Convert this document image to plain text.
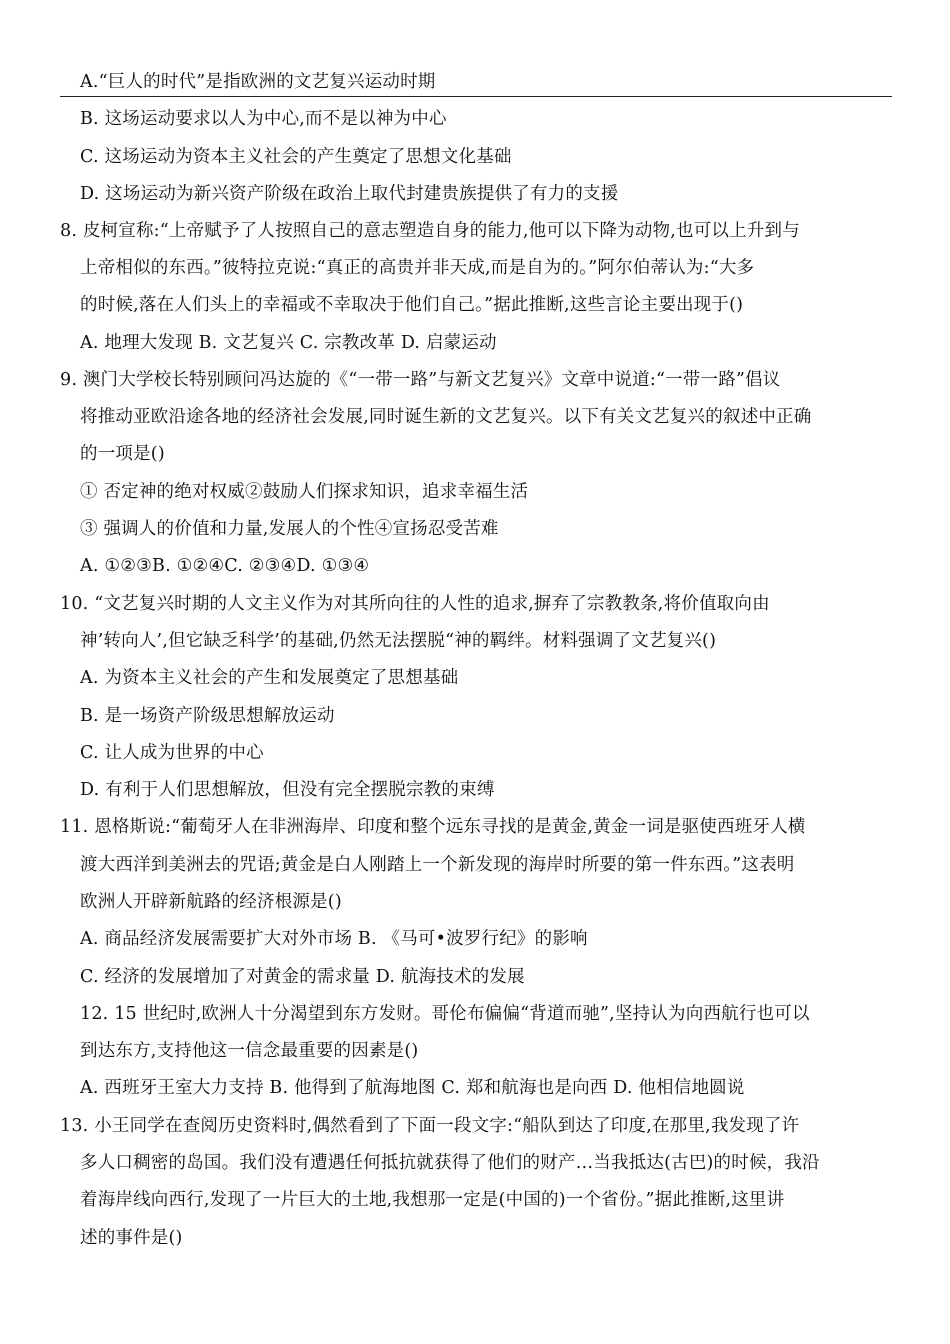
A.“巨人的时代”是指欧洲的文艺复兴运动时期
B. 这场运动要求以人为中心,而不是以神为中心
C. 这场运动为资本主义社会的产生奠定了思想文化基础
D. 这场运动为新兴资产阶级在政治上取代封建贵族提供了有力的支援
8. 皮柯宣称:“上帝赋予了人按照自己的意志塑造自身的能力,他可以下降为动物,也可以上升到与
上帝相似的东西。”彼特拉克说:“真正的高贵并非天成,而是自为的。”阿尔伯蒂认为:“大多
的时候,落在人们头上的幸福或不幸取决于他们自己。”据此推断,这些言论主要出现于()
A. 地理大发现 B. 文艺复兴 C. 宗教改革 D. 启蒙运动
9. 澳门大学校长特别顾问冯达旋的《“一带一路”与新文艺复兴》文章中说道:“一带一路”倡议
将推动亚欧沿途各地的经济社会发展,同时诞生新的文艺复兴。以下有关文艺复兴的叙述中正确
的一项是()
① 否定神的绝对权威②鼓励人们探求知识，追求幸福生活
③ 强调人的价值和力量,发展人的个性④宣扬忍受苦难
A. ①②③B. ①②④C. ②③④D. ①③④
10. “文艺复兴时期的人文主义作为对其所向往的人性的追求,摒弃了宗教教条,将价值取向由
神’转向人’,但它缺乏科学’的基础,仍然无法摆脱“神的羁绊。材料强调了文艺复兴()
A. 为资本主义社会的产生和发展奠定了思想基础
B. 是一场资产阶级思想解放运动
C. 让人成为世界的中心
D. 有利于人们思想解放，但没有完全摆脱宗教的束缚
11. 恩格斯说:“葡萄牙人在非洲海岸、印度和整个远东寻找的是黄金,黄金一词是驱使西班牙人横
渡大西洋到美洲去的咒语;黄金是白人刚踏上一个新发现的海岸时所要的第一件东西。”这表明
欧洲人开辟新航路的经济根源是()
A. 商品经济发展需要扩大对外市场 B. 《马可•波罗行纪》的影响
C. 经济的发展增加了对黄金的需求量 D. 航海技术的发展
12. 15 世纪时,欧洲人十分渴望到东方发财。哥伦布偏偏“背道而驰”,坚持认为向西航行也可以
到达东方,支持他这一信念最重要的因素是()
A. 西班牙王室大力支持 B. 他得到了航海地图 C. 郑和航海也是向西 D. 他相信地圆说
13. 小王同学在查阅历史资料时,偶然看到了下面一段文字:“船队到达了印度,在那里,我发现了许
多人口稠密的岛国。我们没有遭遇任何抵抗就获得了他们的财产…当我抵达(古巴)的时候，我沿
着海岸线向西行,发现了一片巨大的土地,我想那一定是(中国的)一个省份。”据此推断,这里讲
述的事件是()
